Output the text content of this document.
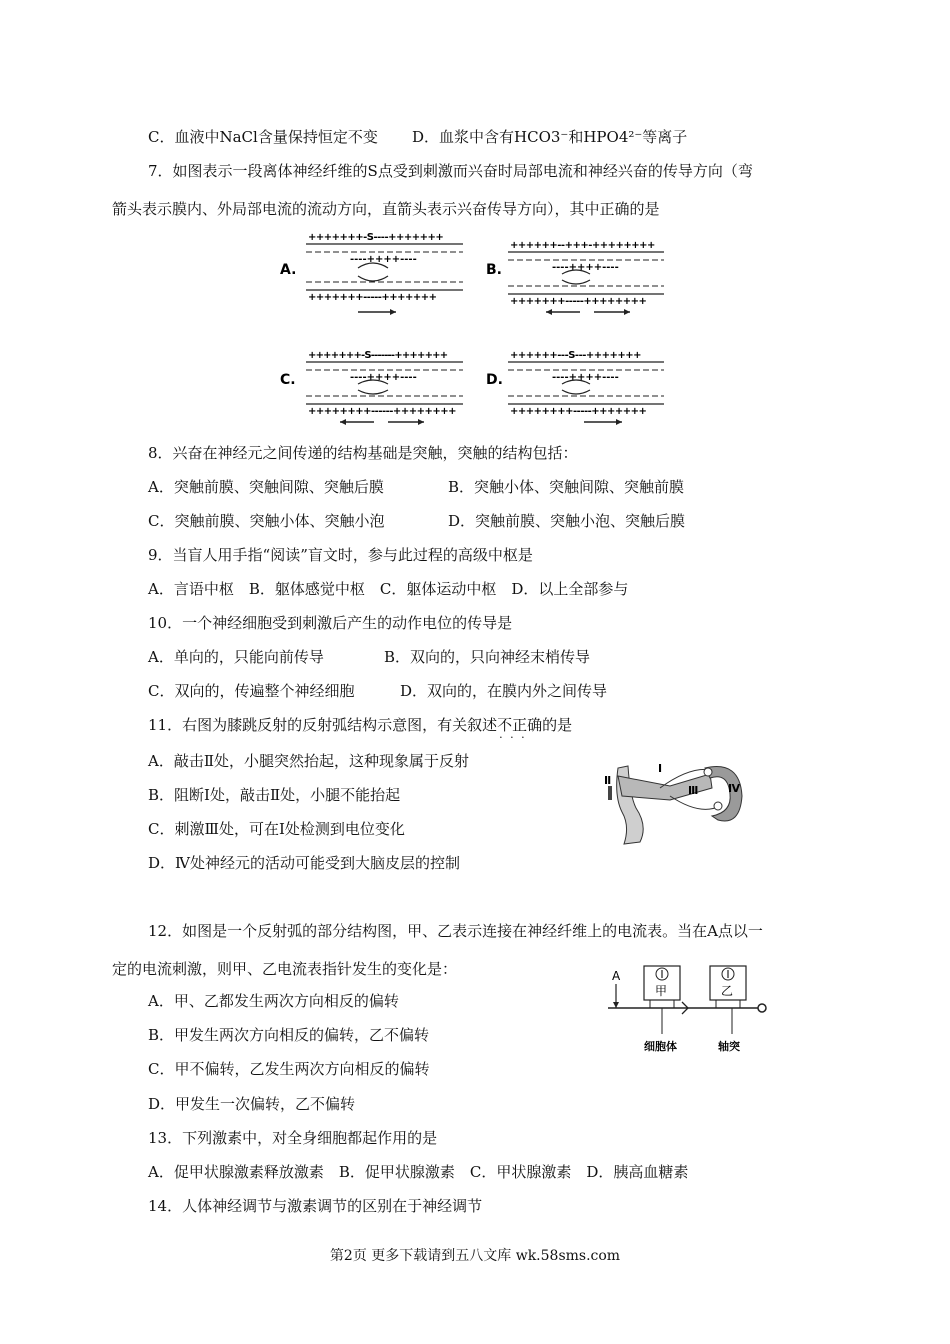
C．血液中NaCl含量保持恒定不变 D．血浆中含有HCO3⁻和HPO4²⁻等离子
7．如图表示一段离体神经纤维的S点受到刺激而兴奋时局部电流和神经兴奋的传导方向（弯
箭头表示膜内、外局部电流的流动方向，直箭头表示兴奋传导方向），其中正确的是
A.
+++++++-S----+++++++
----++++----
+++++++-----+++++++
B.
++++++--+++-++++++++
----++++----
+++++++-----++++++++
C.
+++++++-S-------+++++++
----++++----
++++++++------++++++++
D.
++++++---S---+++++++
----++++----
++++++++-----+++++++
8．兴奋在神经元之间传递的结构基础是突触，突触的结构包括：
A．突触前膜、突触间隙、突触后膜	B．突触小体、突触间隙、突触前膜
C．突触前膜、突触小体、突触小泡	D．突触前膜、突触小泡、突触后膜
9．当盲人用手指“阅读”盲文时，参与此过程的高级中枢是
A．言语中枢　B．躯体感觉中枢　C．躯体运动中枢　D．以上全部参与
10．一个神经细胞受到刺激后产生的动作电位的传导是
A．单向的，只能向前传导	B．双向的，只向神经末梢传导
C．双向的，传遍整个神经细胞	D．双向的，在膜内外之间传导
11．右图为膝跳反射的反射弧结构示意图，有关叙述不正确 · · ·的是
A．敲击Ⅱ处，小腿突然抬起，这种现象属于反射
B．阻断Ⅰ处，敲击Ⅱ处，小腿不能抬起
C．刺激Ⅲ处，可在Ⅰ处检测到电位变化
D．Ⅳ处神经元的活动可能受到大脑皮层的控制
Ⅱ
Ⅰ
Ⅲ	Ⅳ
12．如图是一个反射弧的部分结构图，甲、乙表示连接在神经纤维上的电流表。当在A点以一
定的电流刺激，则甲、乙电流表指针发生的变化是：
A．甲、乙都发生两次方向相反的偏转
B．甲发生两次方向相反的偏转，乙不偏转
C．甲不偏转，乙发生两次方向相反的偏转
D．甲发生一次偏转，乙不偏转
A
甲	乙
细胞体	轴突
13．下列激素中，对全身细胞都起作用的是
A．促甲状腺激素释放激素　B．促甲状腺激素　C．甲状腺激素　D．胰高血糖素
14．人体神经调节与激素调节的区别在于神经调节
第2页 更多下载请到五八文库 wk.58sms.com
